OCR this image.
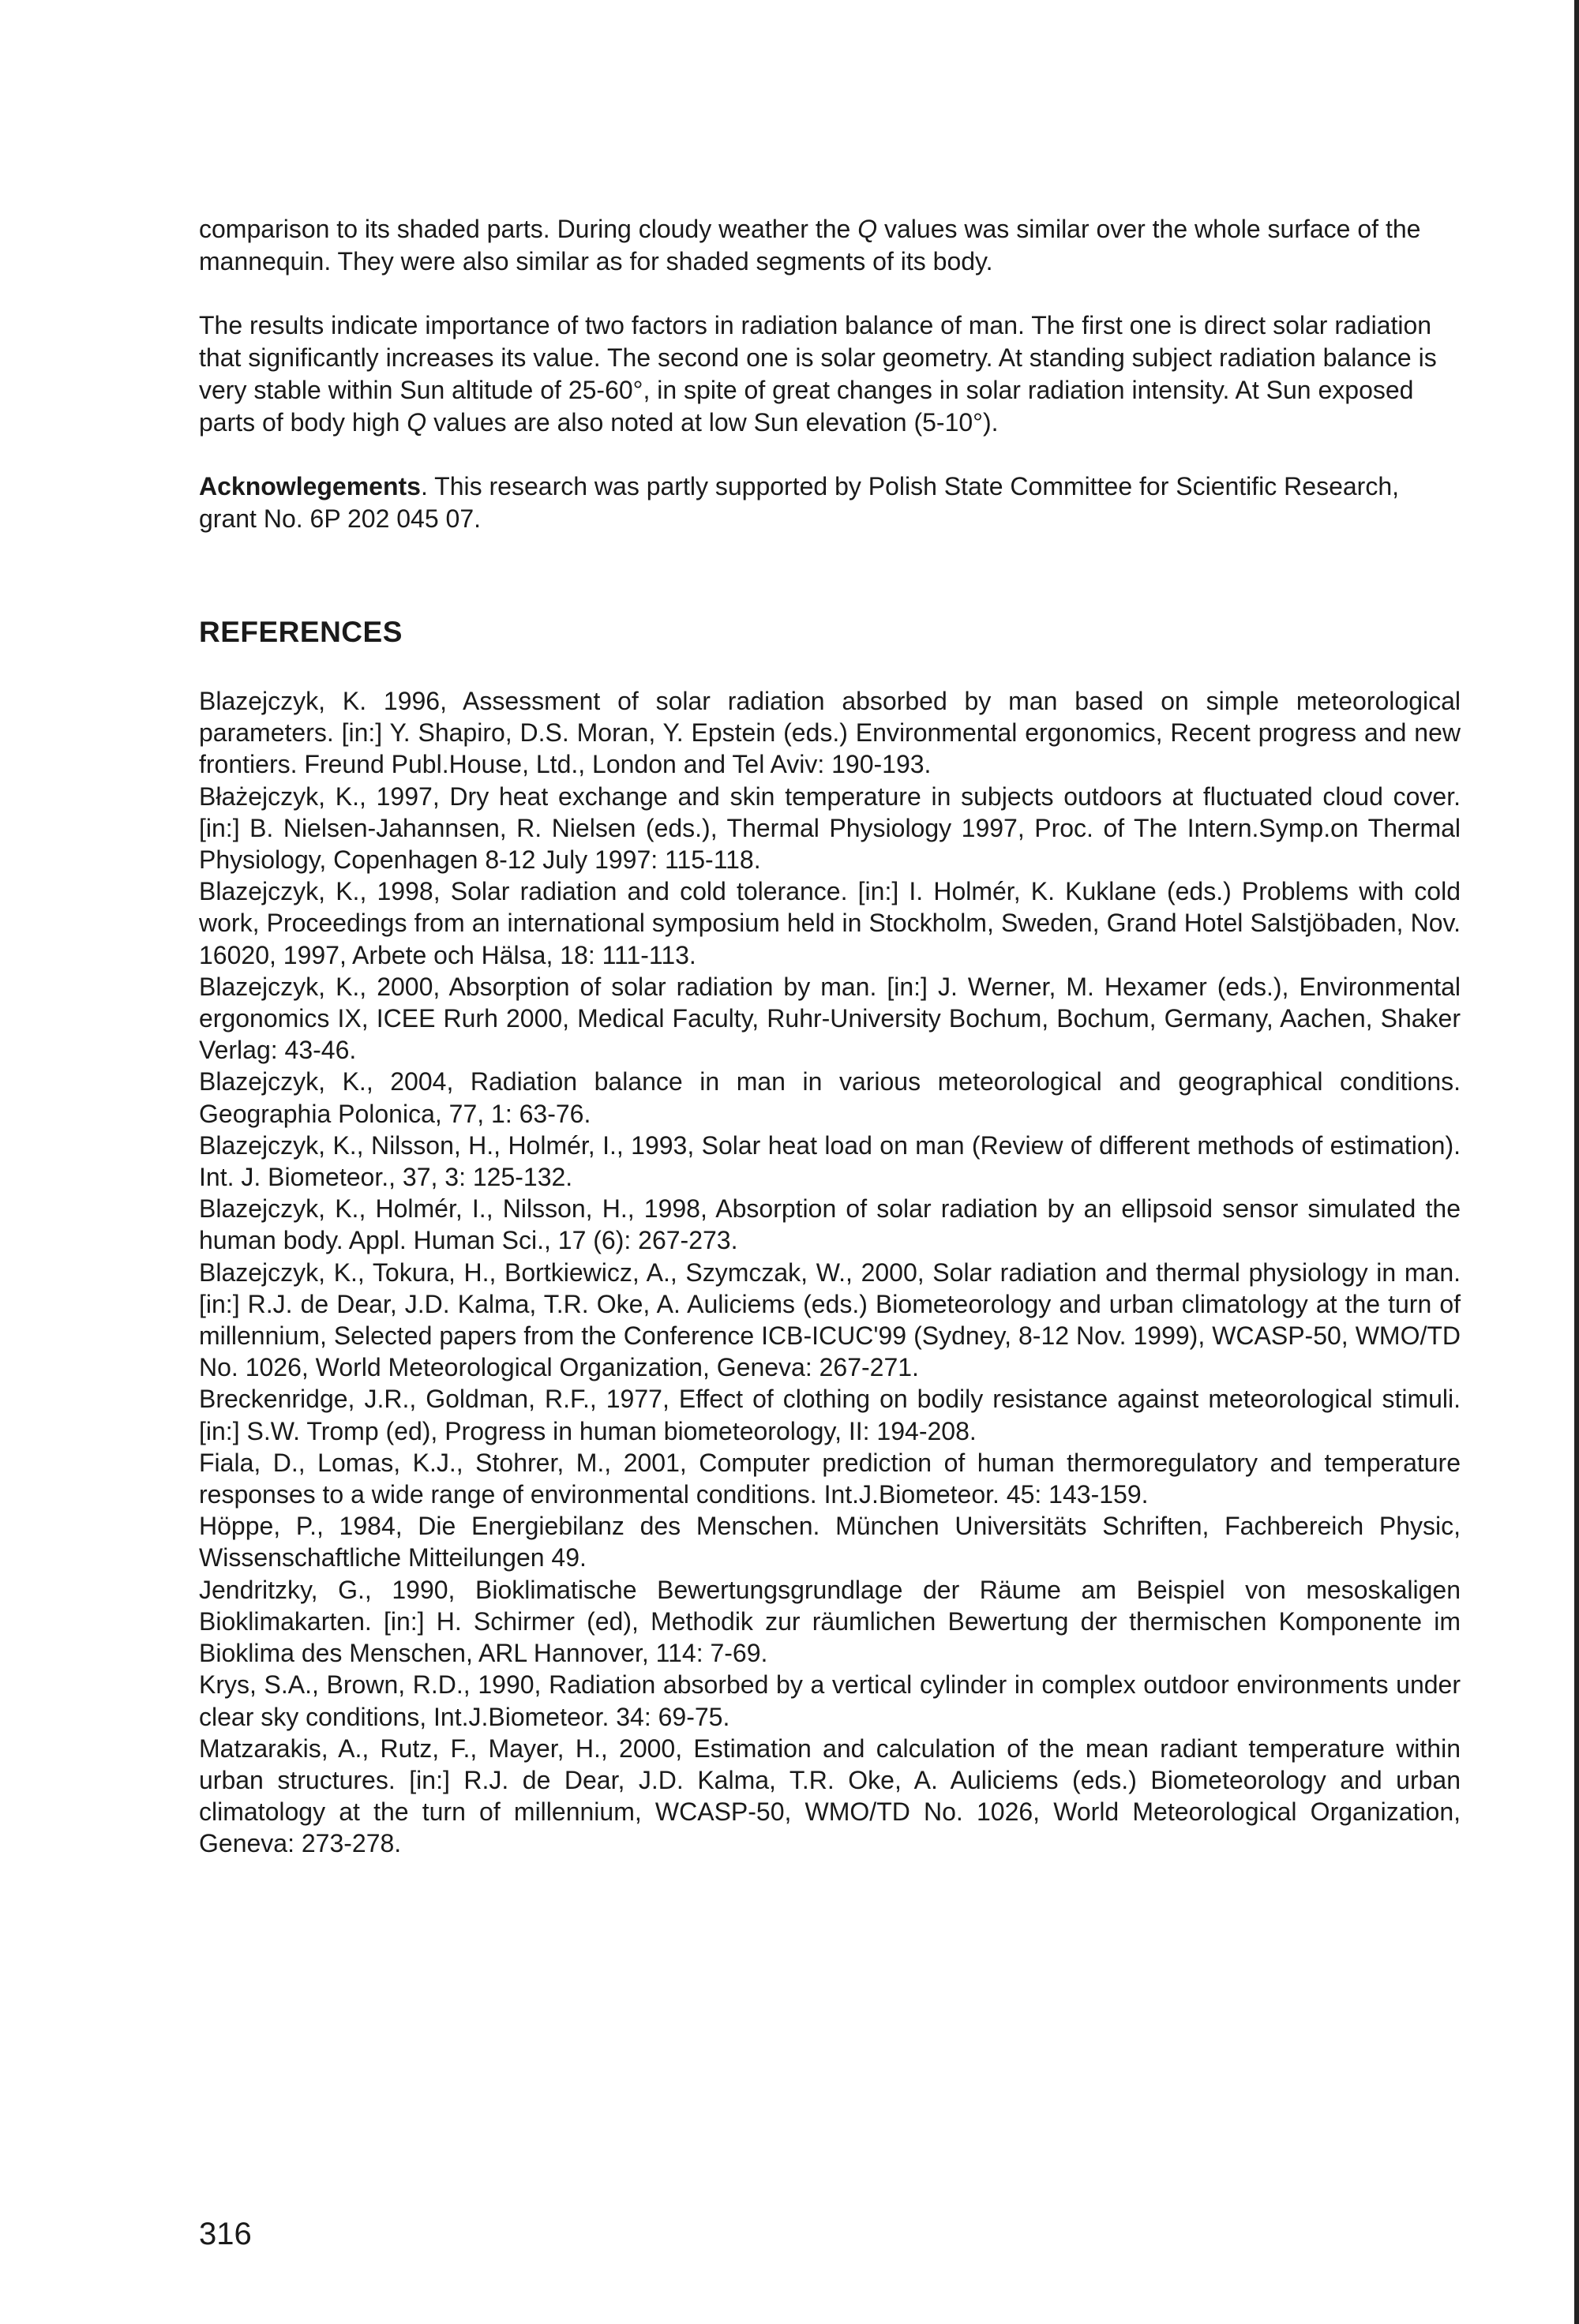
comparison to its shaded parts. During cloudy weather the Q values was similar over the whole surface of the mannequin. They were also similar as for shaded segments of its body.

The results indicate importance of two factors in radiation balance of man. The first one is direct solar radiation that significantly increases its value. The second one is solar geometry. At standing subject radiation balance is very stable within Sun altitude of 25-60°, in spite of great changes in solar radiation intensity. At Sun exposed parts of body high Q values are also noted at low Sun elevation (5-10°).

Acknowlegements. This research was partly supported by Polish State Committee for Scientific Research, grant No. 6P 202 045 07.

REFERENCES
Blazejczyk, K. 1996, Assessment of solar radiation absorbed by man based on simple meteorological parameters. [in:] Y. Shapiro, D.S. Moran, Y. Epstein (eds.) Environmental ergonomics, Recent progress and new frontiers. Freund Publ.House, Ltd., London and Tel Aviv: 190-193.
Błażejczyk, K., 1997, Dry heat exchange and skin temperature in subjects outdoors at fluctuated cloud cover. [in:] B. Nielsen-Jahannsen, R. Nielsen (eds.), Thermal Physiology 1997, Proc. of The Intern.Symp.on Thermal Physiology, Copenhagen 8-12 July 1997: 115-118.
Blazejczyk, K., 1998, Solar radiation and cold tolerance. [in:] I. Holmér, K. Kuklane (eds.) Problems with cold work, Proceedings from an international symposium held in Stockholm, Sweden, Grand Hotel Salstjöbaden, Nov. 16020, 1997, Arbete och Hälsa, 18: 111-113.
Blazejczyk, K., 2000, Absorption of solar radiation by man. [in:] J. Werner, M. Hexamer (eds.), Environmental ergonomics IX, ICEE Rurh 2000, Medical Faculty, Ruhr-University Bochum, Bochum, Germany, Aachen, Shaker Verlag: 43-46.
Blazejczyk, K., 2004, Radiation balance in man in various meteorological and geographical conditions. Geographia Polonica, 77, 1: 63-76.
Blazejczyk, K., Nilsson, H., Holmér, I., 1993, Solar heat load on man (Review of different methods of estimation). Int. J. Biometeor., 37, 3: 125-132.
Blazejczyk, K., Holmér, I., Nilsson, H., 1998, Absorption of solar radiation by an ellipsoid sensor simulated the human body. Appl. Human Sci., 17 (6): 267-273.
Blazejczyk, K., Tokura, H., Bortkiewicz, A., Szymczak, W., 2000, Solar radiation and thermal physiology in man. [in:] R.J. de Dear, J.D. Kalma, T.R. Oke, A. Auliciems (eds.) Biometeorology and urban climatology at the turn of millennium, Selected papers from the Conference ICB-ICUC'99 (Sydney, 8-12 Nov. 1999), WCASP-50, WMO/TD No. 1026, World Meteorological Organization, Geneva: 267-271.
Breckenridge, J.R., Goldman, R.F., 1977, Effect of clothing on bodily resistance against meteorological stimuli. [in:] S.W. Tromp (ed), Progress in human biometeorology, II: 194-208.
Fiala, D., Lomas, K.J., Stohrer, M., 2001, Computer prediction of human thermoregulatory and temperature responses to a wide range of environmental conditions. Int.J.Biometeor. 45: 143-159.
Höppe, P., 1984, Die Energiebilanz des Menschen. München Universitäts Schriften, Fachbereich Physic, Wissenschaftliche Mitteilungen 49.
Jendritzky, G., 1990, Bioklimatische Bewertungsgrundlage der Räume am Beispiel von mesoskaligen Bioklimakarten. [in:] H. Schirmer (ed), Methodik zur räumlichen Bewertung der thermischen Komponente im Bioklima des Menschen, ARL Hannover, 114: 7-69.
Krys, S.A., Brown, R.D., 1990, Radiation absorbed by a vertical cylinder in complex outdoor environments under clear sky conditions, Int.J.Biometeor. 34: 69-75.
Matzarakis, A., Rutz, F., Mayer, H., 2000, Estimation and calculation of the mean radiant temperature within urban structures. [in:] R.J. de Dear, J.D. Kalma, T.R. Oke, A. Auliciems (eds.) Biometeorology and urban climatology at the turn of millennium, WCASP-50, WMO/TD No. 1026, World Meteorological Organization, Geneva: 273-278.
316
